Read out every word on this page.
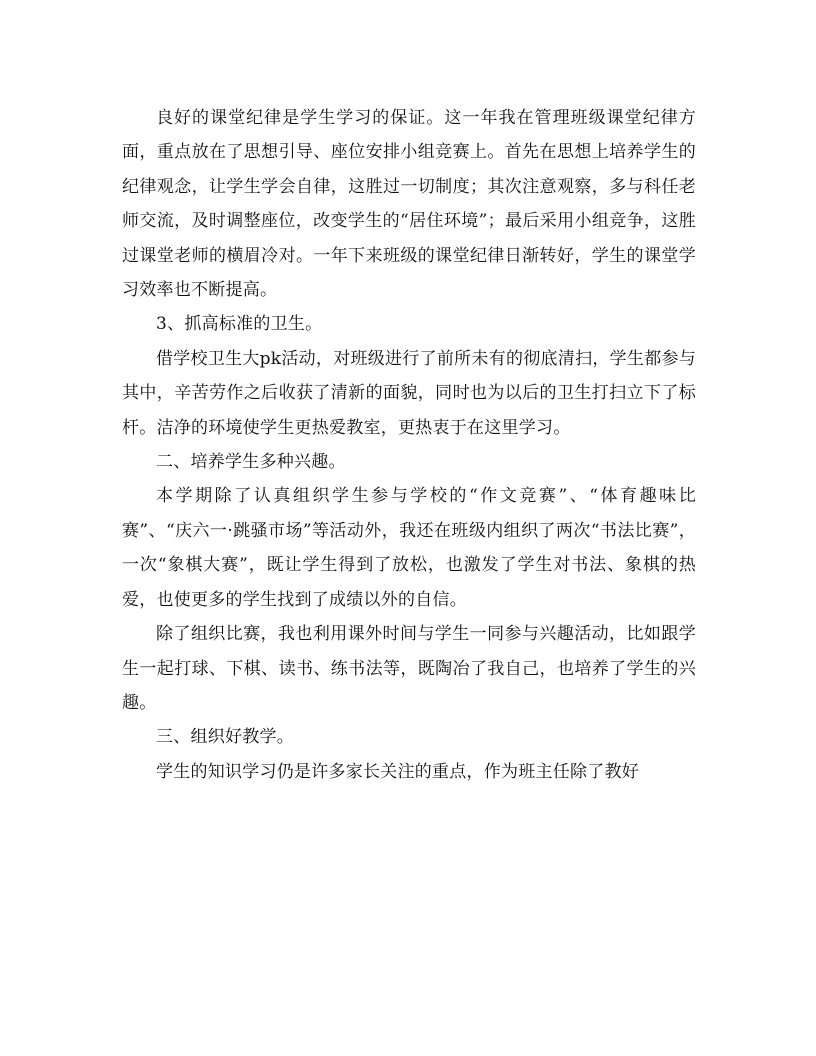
良好的课堂纪律是学生学习的保证。这一年我在管理班级课堂纪律方面，重点放在了思想引导、座位安排小组竞赛上。首先在思想上培养学生的纪律观念，让学生学会自律，这胜过一切制度；其次注意观察，多与科任老师交流，及时调整座位，改变学生的“居住环境”；最后采用小组竞争，这胜过课堂老师的横眉冷对。一年下来班级的课堂纪律日渐转好，学生的课堂学习效率也不断提高。

3、抓高标准的卫生。

借学校卫生大pk活动，对班级进行了前所未有的彻底清扫，学生都参与其中，辛苦劳作之后收获了清新的面貌，同时也为以后的卫生打扫立下了标杆。洁净的环境使学生更热爱教室，更热衷于在这里学习。

二、培养学生多种兴趣。

本学期除了认真组织学生参与学校的“作文竞赛”、“体育趣味比赛”、“庆六一·跳骚市场”等活动外，我还在班级内组织了两次“书法比赛”，一次“象棋大赛”，既让学生得到了放松，也激发了学生对书法、象棋的热爱，也使更多的学生找到了成绩以外的自信。

除了组织比赛，我也利用课外时间与学生一同参与兴趣活动，比如跟学生一起打球、下棋、读书、练书法等，既陶冶了我自己，也培养了学生的兴趣。

三、组织好教学。

学生的知识学习仍是许多家长关注的重点，作为班主任除了教好
